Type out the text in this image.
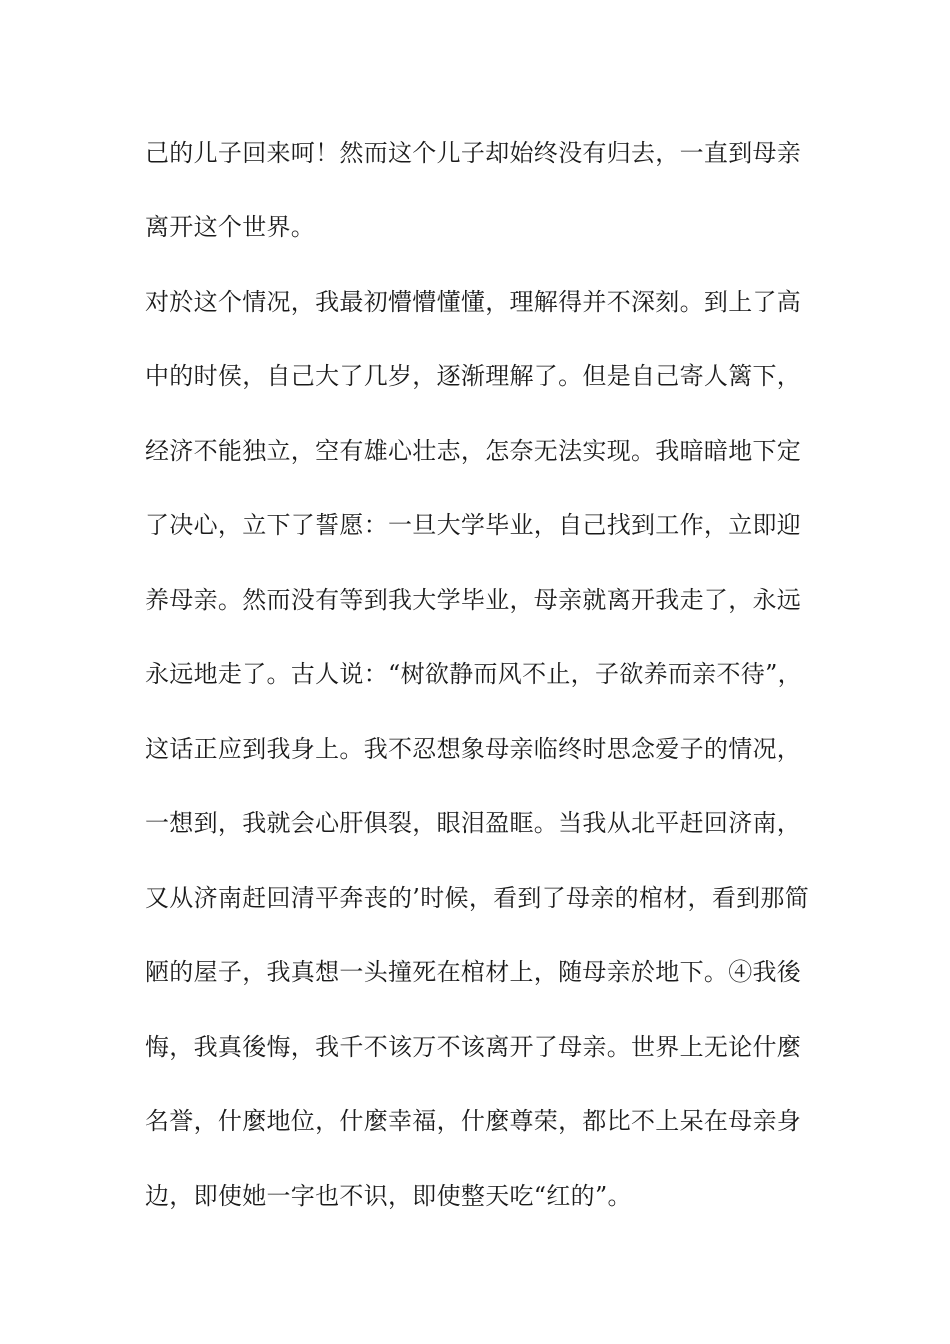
己的儿子回来呵！然而这个儿子却始终没有归去，一直到母亲
离开这个世界。
对於这个情况，我最初懵懵懂懂，理解得并不深刻。到上了高
中的时侯，自己大了几岁，逐渐理解了。但是自己寄人篱下，
经济不能独立，空有雄心壮志，怎奈无法实现。我暗暗地下定
了决心，立下了誓愿：一旦大学毕业，自己找到工作，立即迎
养母亲。然而没有等到我大学毕业，母亲就离开我走了，永远
永远地走了。古人说：“树欲静而风不止，子欲养而亲不待”，
这话正应到我身上。我不忍想象母亲临终时思念爱子的情况，
一想到，我就会心肝俱裂，眼泪盈眶。当我从北平赶回济南，
又从济南赶回清平奔丧的’时候，看到了母亲的棺材，看到那简
陋的屋子，我真想一头撞死在棺材上，随母亲於地下。④我後
悔，我真後悔，我千不该万不该离开了母亲。世界上无论什麼
名誉，什麼地位，什麼幸福，什麼尊荣，都比不上呆在母亲身
边，即使她一字也不识，即使整天吃“红的”。
